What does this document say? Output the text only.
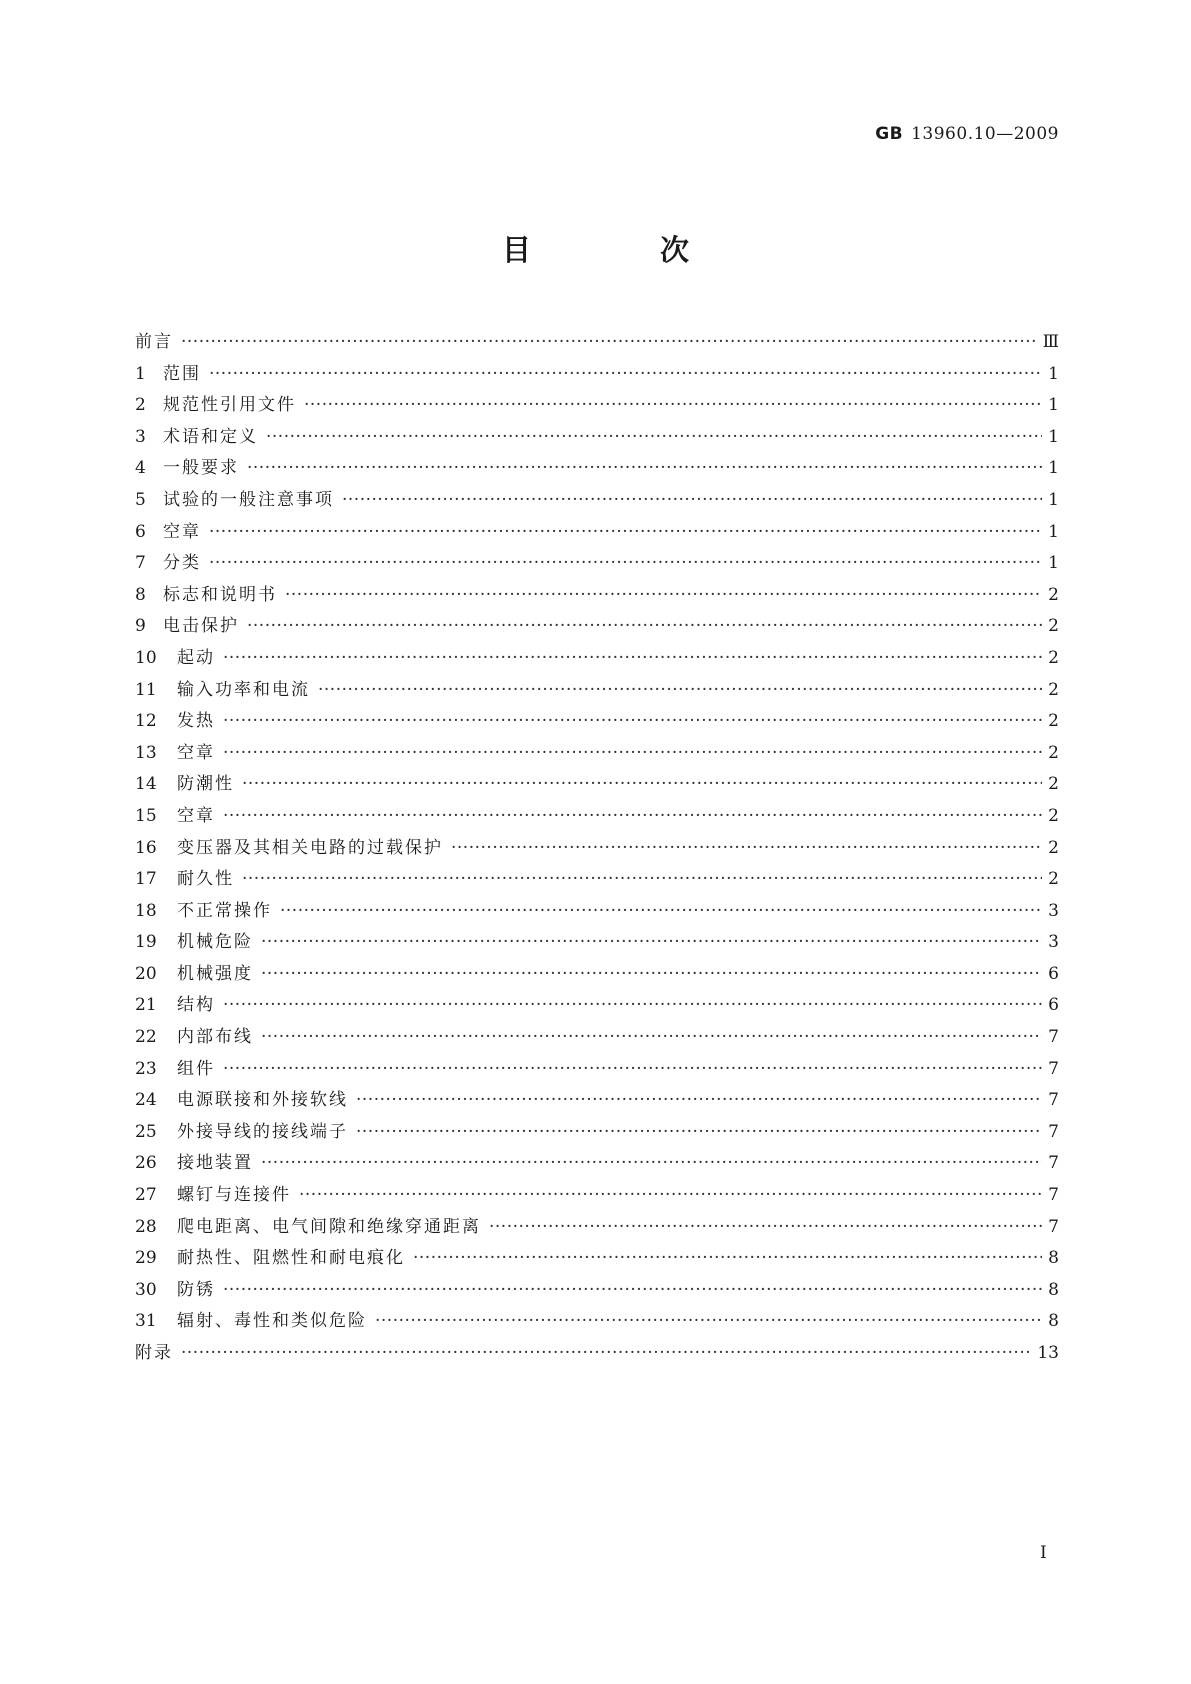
GB 13960.10—2009
目　次
前言 ·····	Ⅲ
1	范围 ·····	1
2	规范性引用文件 ·····	1
3	术语和定义 ·····	1
4	一般要求 ·····	1
5	试验的一般注意事项 ·····	1
6	空章 ·····	1
7	分类 ·····	1
8	标志和说明书 ·····	2
9	电击保护 ·····	2
10	起动 ·····	2
11	输入功率和电流 ·····	2
12	发热 ·····	2
13	空章 ·····	2
14	防潮性 ·····	2
15	空章 ·····	2
16	变压器及其相关电路的过载保护 ·····	2
17	耐久性 ·····	2
18	不正常操作 ·····	3
19	机械危险 ·····	3
20	机械强度 ·····	6
21	结构 ·····	6
22	内部布线 ·····	7
23	组件 ·····	7
24	电源联接和外接软线 ·····	7
25	外接导线的接线端子 ·····	7
26	接地装置 ·····	7
27	螺钉与连接件 ·····	7
28	爬电距离、电气间隙和绝缘穿通距离 ·····	7
29	耐热性、阻燃性和耐电痕化 ·····	8
30	防锈 ·····	8
31	辐射、毒性和类似危险 ·····	8
附录 ·····	13
I
